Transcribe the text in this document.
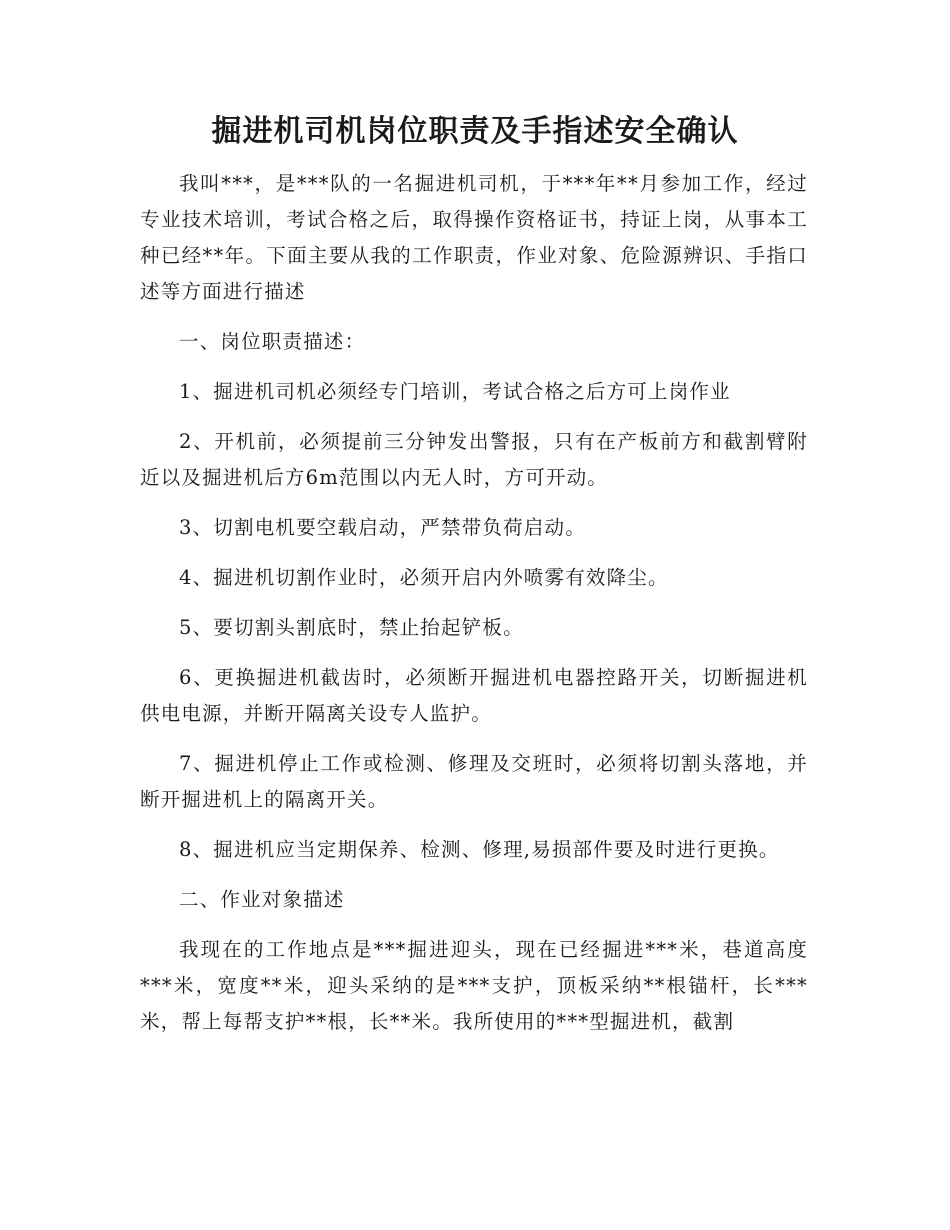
掘进机司机岗位职责及手指述安全确认

我叫***，是***队的一名掘进机司机，于***年**月参加工作，经过专业技术培训，考试合格之后，取得操作资格证书，持证上岗，从事本工种已经**年。下面主要从我的工作职责，作业对象、危险源辨识、手指口述等方面进行描述

一、岗位职责描述：

1、掘进机司机必须经专门培训，考试合格之后方可上岗作业

2、开机前，必须提前三分钟发出警报，只有在产板前方和截割臂附近以及掘进机后方6m范围以内无人时，方可开动。

3、切割电机要空载启动，严禁带负荷启动。

4、掘进机切割作业时，必须开启内外喷雾有效降尘。

5、要切割头割底时，禁止抬起铲板。

6、更换掘进机截齿时，必须断开掘进机电器控路开关，切断掘进机供电电源，并断开隔离关设专人监护。

7、掘进机停止工作或检测、修理及交班时，必须将切割头落地，并断开掘进机上的隔离开关。

8、掘进机应当定期保养、检测、修理,易损部件要及时进行更换。

二、作业对象描述

我现在的工作地点是***掘进迎头，现在已经掘进***米，巷道高度***米，宽度**米，迎头采纳的是***支护，顶板采纳**根锚杆，长***米，帮上每帮支护**根，长**米。我所使用的***型掘进机，截割
